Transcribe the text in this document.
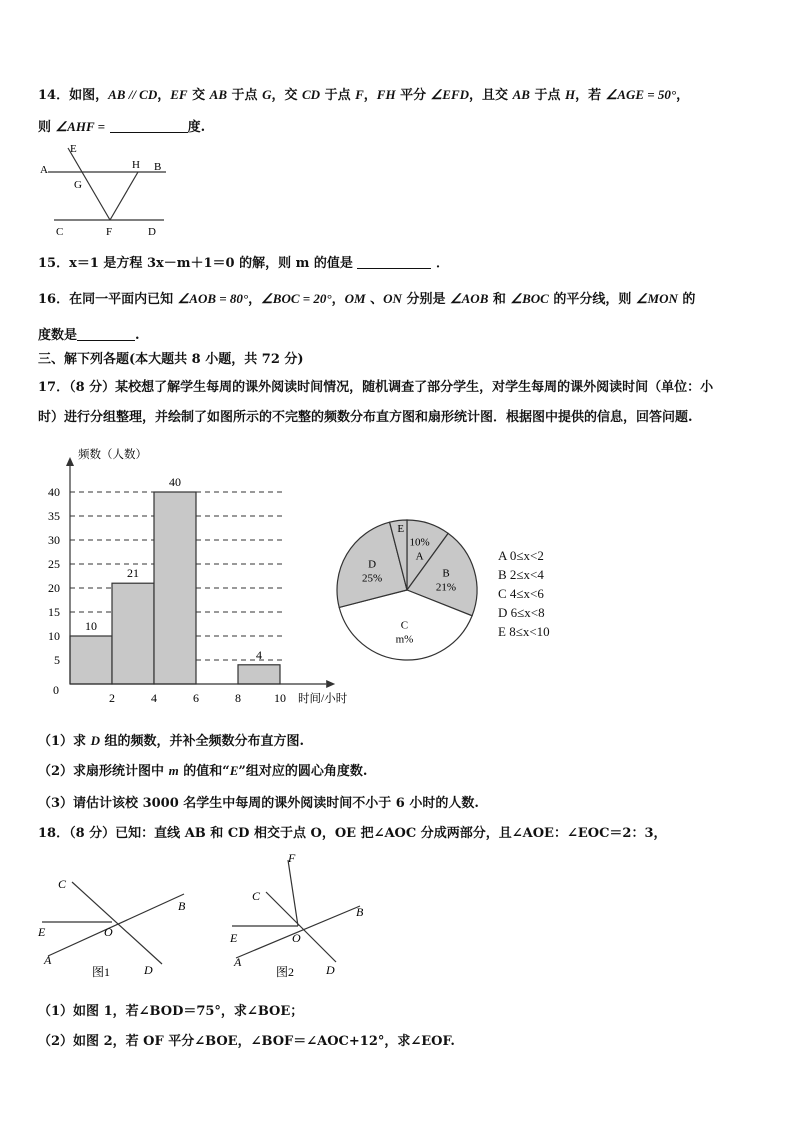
14．如图，AB // CD，EF 交 AB 于点 G，交 CD 于点 F，FH 平分 ∠EFD，且交 AB 于点 H，若 ∠AGE = 50°，
则 ∠AHF =	度.
E
A
G
H B
C	F	D
15．x＝1 是方程 3x－m＋1＝0 的解，则 m 的值是	．
16．在同一平面内已知 ∠AOB = 80°，∠BOC = 20°，OM 、ON 分别是 ∠AOB 和 ∠BOC 的平分线，则 ∠MON 的
度数是	.
三、解下列各题(本大题共 8 小题，共 72 分)
17．（8 分）某校想了解学生每周的课外阅读时间情况，随机调查了部分学生，对学生每周的课外阅读时间（单位：小
时）进行分组整理，并绘制了如图所示的不完整的频数分布直方图和扇形统计图．根据图中提供的信息，回答问题.
5
10
15
20
25
30
35
40
10
21
40
4
0
2	4	6	8	10 时间/小时
频数（人数）
10%
A
B
21%
C
m%
D
25%
E
A 0≤x<2
B 2≤x<4
C 4≤x<6
D 6≤x<8
E 8≤x<10
（1）求 D 组的频数，并补全频数分布直方图.
（2）求扇形统计图中 m 的值和“E”组对应的圆心角度数.
（3）请估计该校 3000 名学生中每周的课外阅读时间不小于 6 小时的人数.
18．（8 分）已知：直线 AB 和 CD 相交于点 O，OE 把∠AOC 分成两部分，且∠AOE：∠EOC＝2：3，
C
B
E	O
A
D
图1
F
C
B
E	O
A
D
图2
（1）如图 1，若∠BOD＝75°，求∠BOE；
（2）如图 2，若 OF 平分∠BOE，∠BOF＝∠AOC+12°，求∠EOF.
